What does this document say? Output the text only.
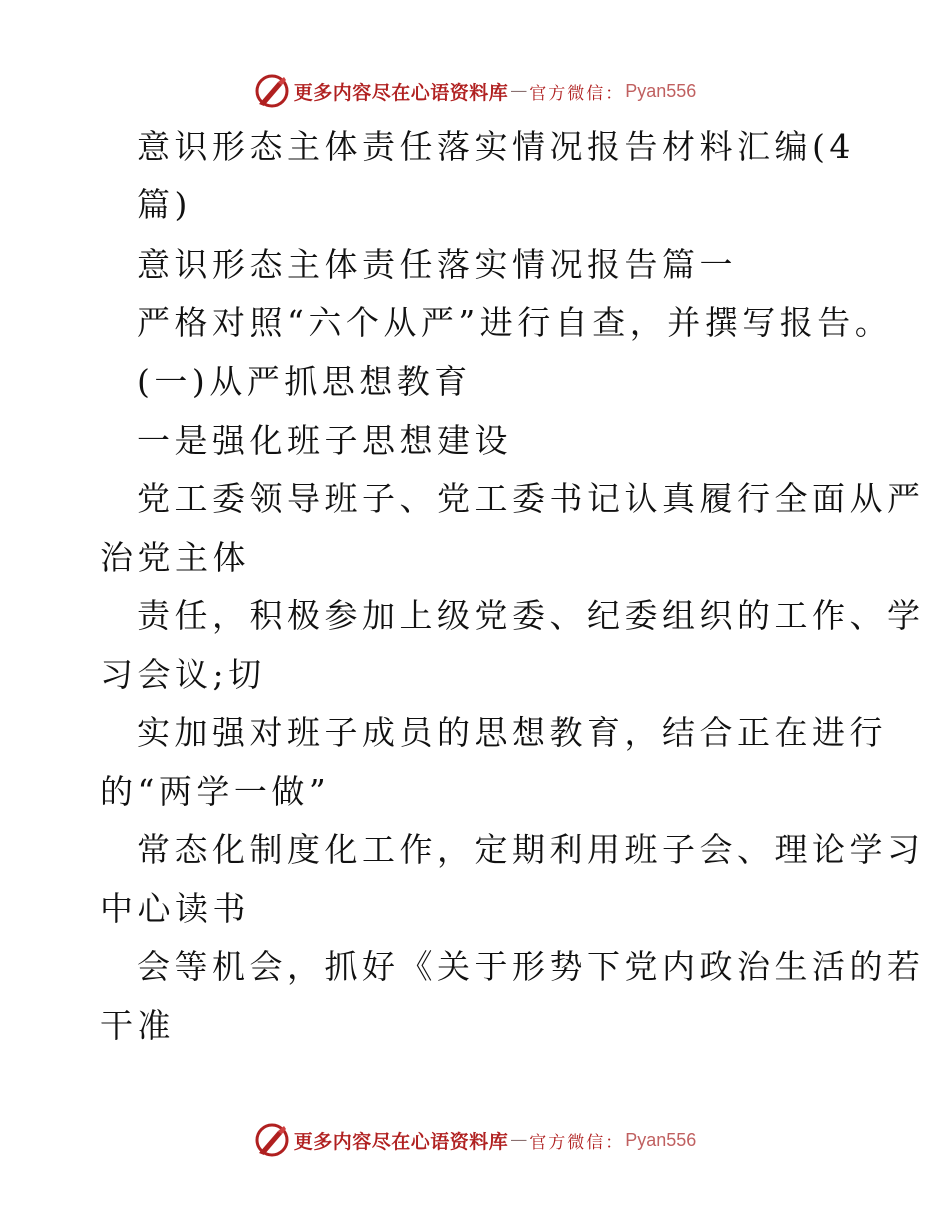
更多内容尽在心语资料库 — 官方微信 ： Pyan556

意识形态主体责任落实情况报告材料汇编(4

篇)

意识形态主体责任落实情况报告篇一

严格对照“六个从严”进行自查，并撰写报告。

(一)从严抓思想教育

一是强化班子思想建设

党工委领导班子、党工委书记认真履行全面从严

治党主体

责任，积极参加上级党委、纪委组织的工作、学

习会议;切

实加强对班子成员的思想教育，结合正在进行

的“两学一做”

常态化制度化工作，定期利用班子会、理论学习

中心读书

会等机会，抓好《关于形势下党内政治生活的若

干准

更多内容尽在心语资料库 — 官方微信 ： Pyan556
